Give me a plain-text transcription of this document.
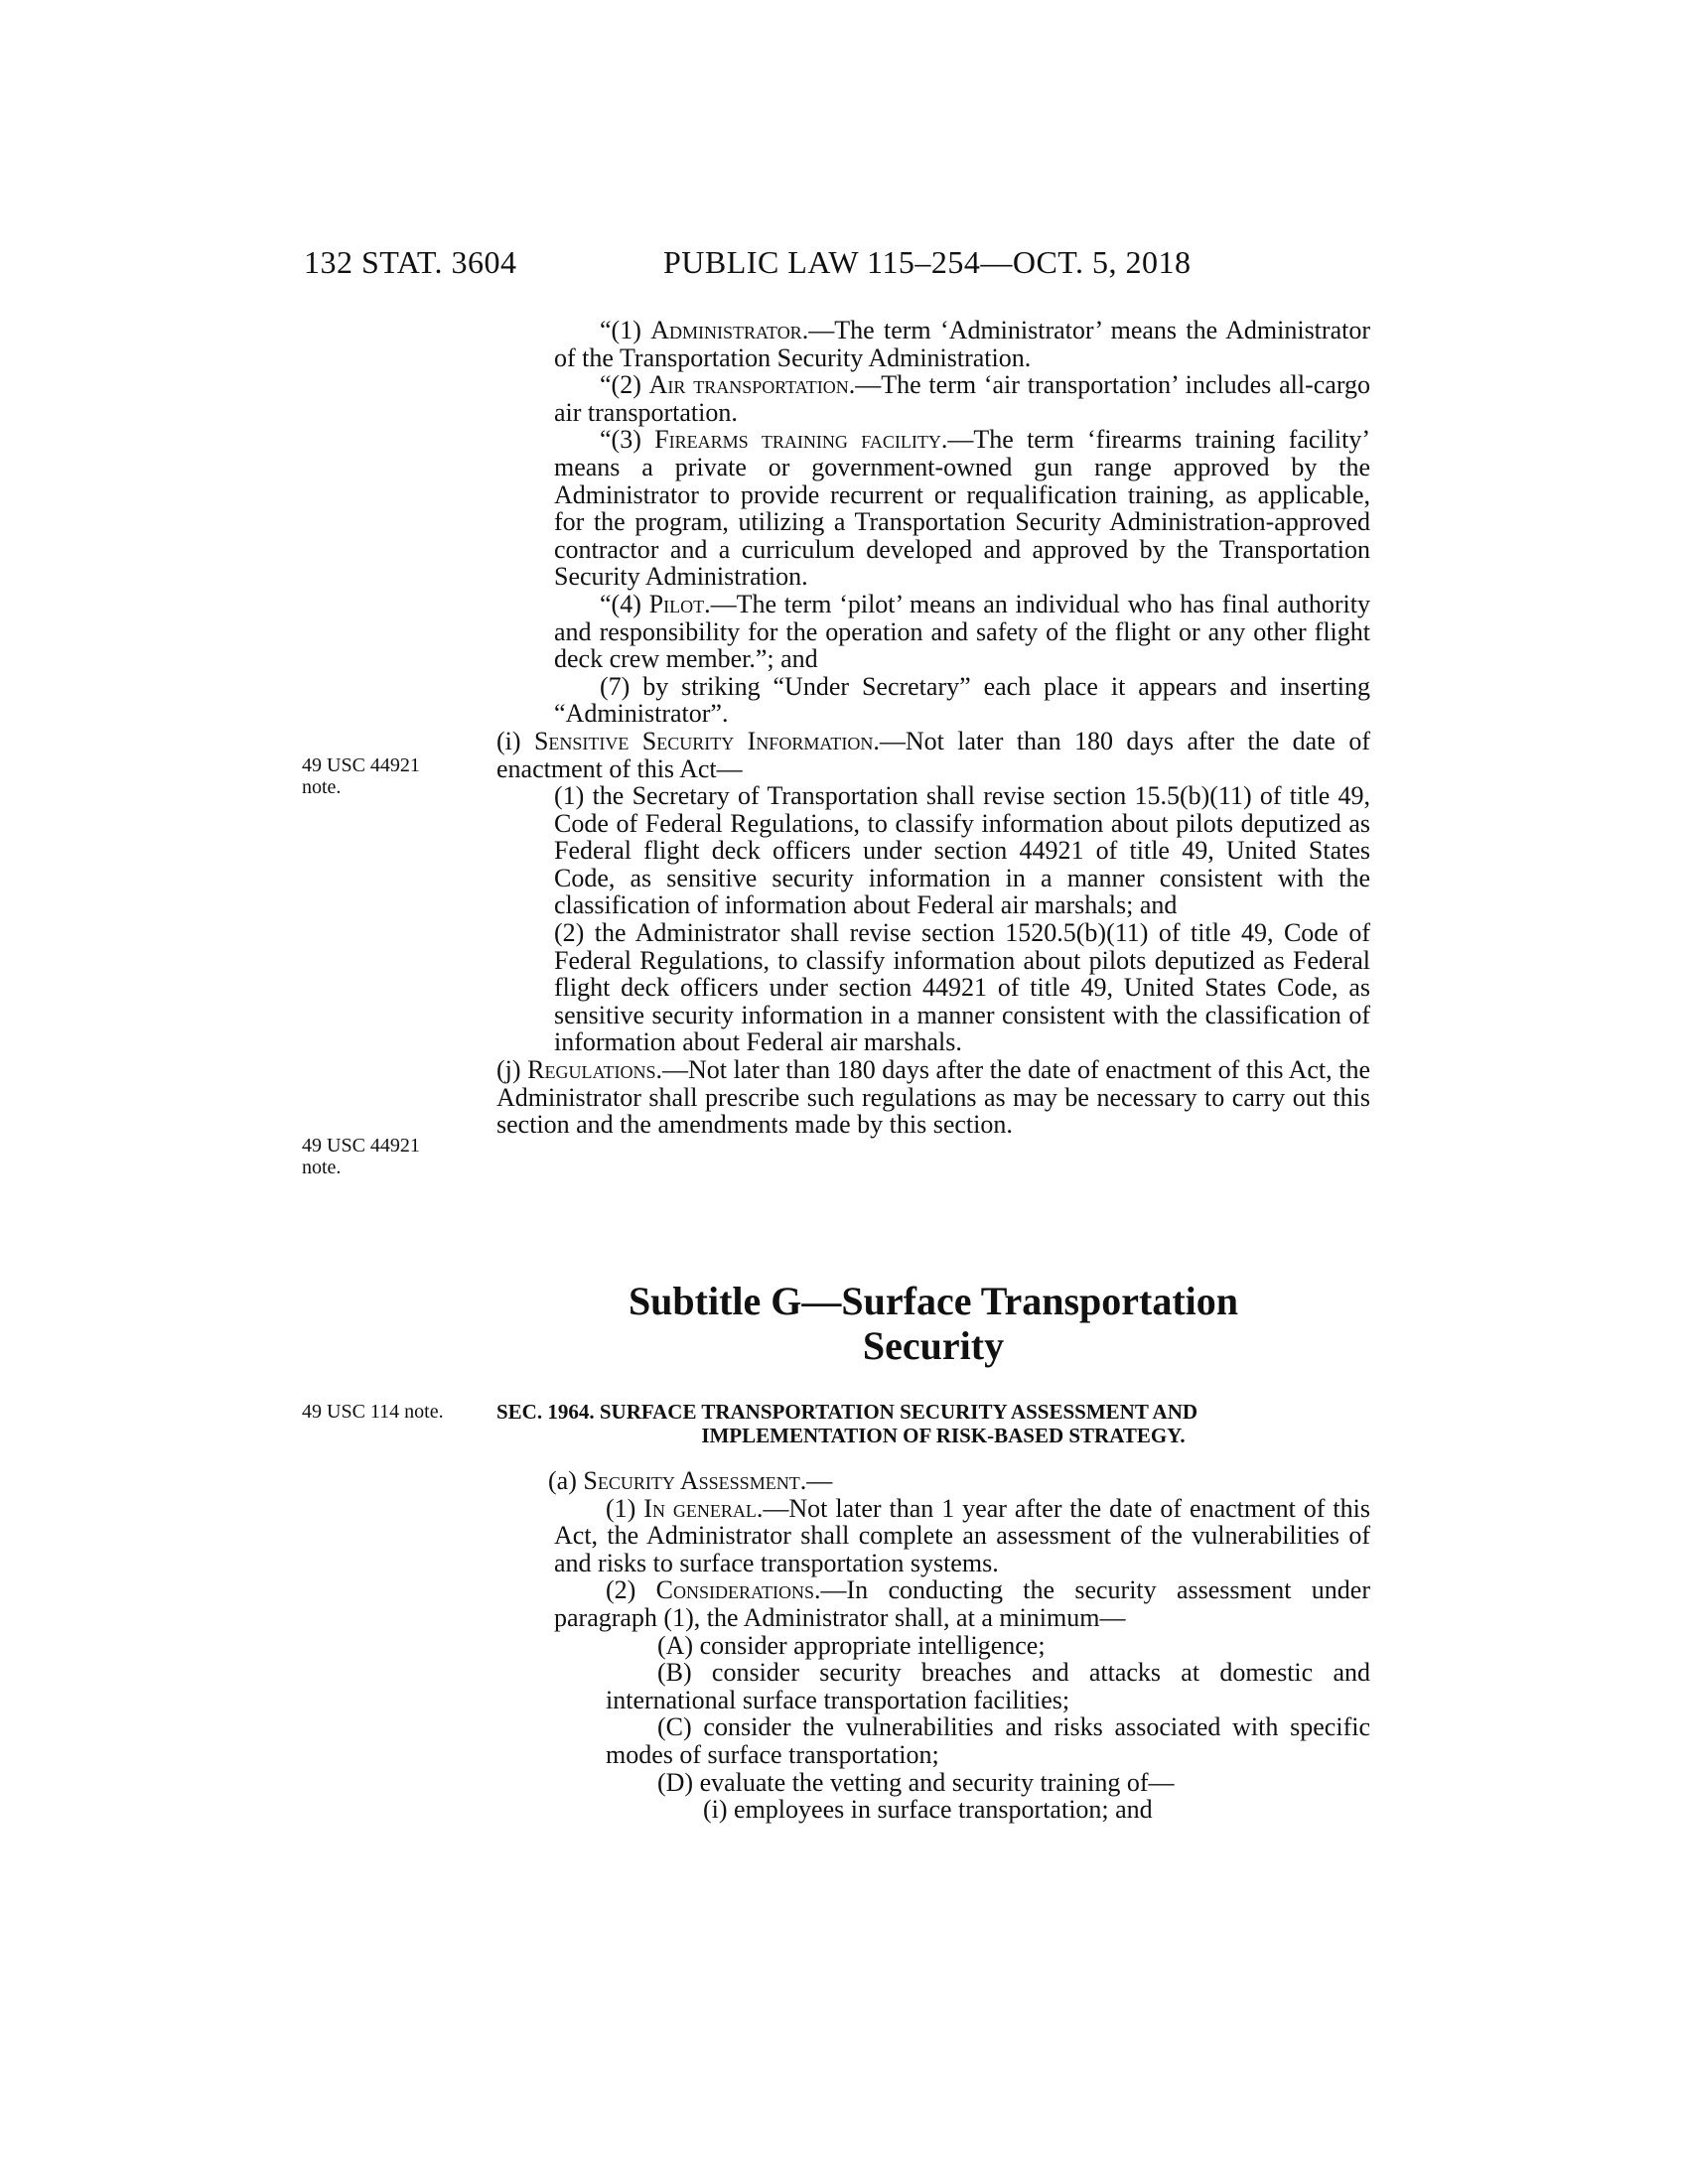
132 STAT. 3604	PUBLIC LAW 115–254—OCT. 5, 2018
49 USC 44921
note.
49 USC 44921
note.
49 USC 114 note.

“(1) Administrator.—The term ‘Administrator’ means the Administrator of the Transportation Security Administration.

“(2) Air transportation.—The term ‘air transportation’ includes all-cargo air transportation.

“(3) Firearms training facility.—The term ‘firearms training facility’ means a private or government-owned gun range approved by the Administrator to provide recurrent or requalification training, as applicable, for the program, utilizing a Transportation Security Administration-approved contractor and a curriculum developed and approved by the Transportation Security Administration.

“(4) Pilot.—The term ‘pilot’ means an individual who has final authority and responsibility for the operation and safety of the flight or any other flight deck crew member.”; and

(7) by striking “Under Secretary” each place it appears and inserting “Administrator”.

(i) Sensitive Security Information.—Not later than 180 days after the date of enactment of this Act—

(1) the Secretary of Transportation shall revise section 15.5(b)(11) of title 49, Code of Federal Regulations, to classify information about pilots deputized as Federal flight deck officers under section 44921 of title 49, United States Code, as sensitive security information in a manner consistent with the classification of information about Federal air marshals; and

(2) the Administrator shall revise section 1520.5(b)(11) of title 49, Code of Federal Regulations, to classify information about pilots deputized as Federal flight deck officers under section 44921 of title 49, United States Code, as sensitive security information in a manner consistent with the classification of information about Federal air marshals.

(j) Regulations.—Not later than 180 days after the date of enactment of this Act, the Administrator shall prescribe such regulations as may be necessary to carry out this section and the amendments made by this section.

Subtitle G—Surface Transportation
Security
SEC. 1964. SURFACE TRANSPORTATION SECURITY ASSESSMENT AND
IMPLEMENTATION OF RISK-BASED STRATEGY.

(a) Security Assessment.—

(1) In general.—Not later than 1 year after the date of enactment of this Act, the Administrator shall complete an assessment of the vulnerabilities of and risks to surface transportation systems.

(2) Considerations.—In conducting the security assessment under paragraph (1), the Administrator shall, at a minimum—

(A) consider appropriate intelligence;

(B) consider security breaches and attacks at domestic and international surface transportation facilities;

(C) consider the vulnerabilities and risks associated with specific modes of surface transportation;

(D) evaluate the vetting and security training of—

(i) employees in surface transportation; and
